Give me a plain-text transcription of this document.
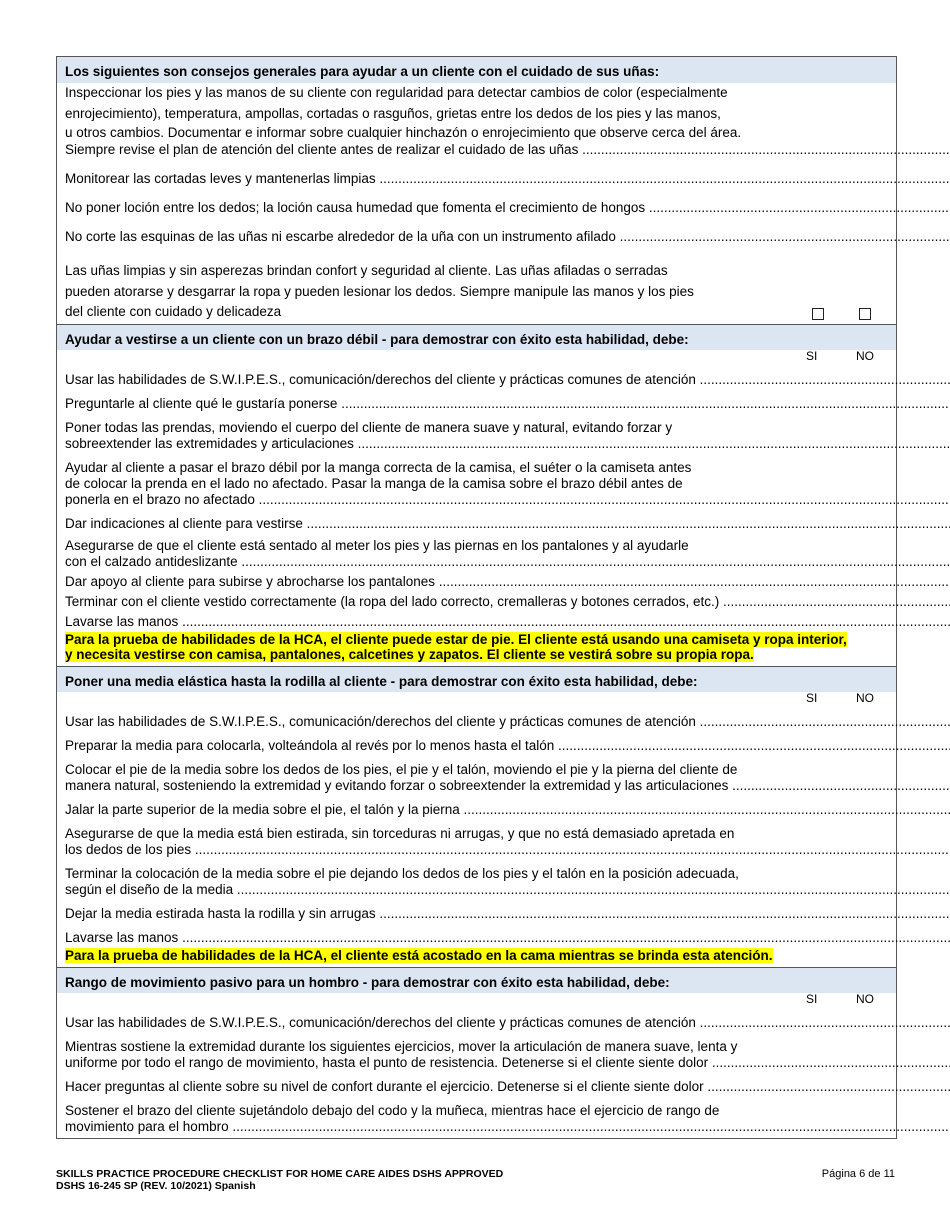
Los siguientes son consejos generales para ayudar a un cliente con el cuidado de sus uñas:
Inspeccionar los pies y las manos de su cliente con regularidad para detectar cambios de color (especialmente
enrojecimiento), temperatura, ampollas, cortadas o rasguños, grietas entre los dedos de los pies y las manos,
u otros cambios. Documentar e informar sobre cualquier hinchazón o enrojecimiento que observe cerca del área.
Siempre revise el plan de atención del cliente antes de realizar el cuidado de las uñas .....
Monitorear las cortadas leves y mantenerlas limpias .....
No poner loción entre los dedos; la loción causa humedad que fomenta el crecimiento de hongos .....
No corte las esquinas de las uñas ni escarbe alrededor de la uña con un instrumento afilado .....
Las uñas limpias y sin asperezas brindan confort y seguridad al cliente. Las uñas afiladas o serradas
pueden atorarse y desgarrar la ropa y pueden lesionar los dedos. Siempre manipule las manos y los pies
del cliente con cuidado y delicadeza
Ayudar a vestirse a un cliente con un brazo débil - para demostrar con éxito esta habilidad, debe:
SI	NO
Usar las habilidades de S.W.I.P.E.S., comunicación/derechos del cliente y prácticas comunes de atención .....
Preguntarle al cliente qué le gustaría ponerse .....
Poner todas las prendas, moviendo el cuerpo del cliente de manera suave y natural, evitando forzar y
sobreextender las extremidades y articulaciones .....
Ayudar al cliente a pasar el brazo débil por la manga correcta de la camisa, el suéter o la camiseta antes
de colocar la prenda en el lado no afectado. Pasar la manga de la camisa sobre el brazo débil antes de
ponerla en el brazo no afectado .....
Dar indicaciones al cliente para vestirse .....
Asegurarse de que el cliente está sentado al meter los pies y las piernas en los pantalones y al ayudarle
con el calzado antideslizante .....
Dar apoyo al cliente para subirse y abrocharse los pantalones .....
Terminar con el cliente vestido correctamente (la ropa del lado correcto, cremalleras y botones cerrados, etc.) .....
Lavarse las manos .....
Para la prueba de habilidades de la HCA, el cliente puede estar de pie. El cliente está usando una camiseta y ropa interior,
y necesita vestirse con camisa, pantalones, calcetines y zapatos. El cliente se vestirá sobre su propia ropa.
Poner una media elástica hasta la rodilla al cliente - para demostrar con éxito esta habilidad, debe:
SI	NO
Usar las habilidades de S.W.I.P.E.S., comunicación/derechos del cliente y prácticas comunes de atención .....
Preparar la media para colocarla, volteándola al revés por lo menos hasta el talón .....
Colocar el pie de la media sobre los dedos de los pies, el pie y el talón, moviendo el pie y la pierna del cliente de
manera natural, sosteniendo la extremidad y evitando forzar o sobreextender la extremidad y las articulaciones .....
Jalar la parte superior de la media sobre el pie, el talón y la pierna .....
Asegurarse de que la media está bien estirada, sin torceduras ni arrugas, y que no está demasiado apretada en
los dedos de los pies .....
Terminar la colocación de la media sobre el pie dejando los dedos de los pies y el talón en la posición adecuada,
según el diseño de la media .....
Dejar la media estirada hasta la rodilla y sin arrugas .....
Lavarse las manos .....
Para la prueba de habilidades de la HCA, el cliente está acostado en la cama mientras se brinda esta atención.
Rango de movimiento pasivo para un hombro - para demostrar con éxito esta habilidad, debe:
SI	NO
Usar las habilidades de S.W.I.P.E.S., comunicación/derechos del cliente y prácticas comunes de atención .....
Mientras sostiene la extremidad durante los siguientes ejercicios, mover la articulación de manera suave, lenta y
uniforme por todo el rango de movimiento, hasta el punto de resistencia. Detenerse si el cliente siente dolor .....
Hacer preguntas al cliente sobre su nivel de confort durante el ejercicio. Detenerse si el cliente siente dolor .....
Sostener el brazo del cliente sujetándolo debajo del codo y la muñeca, mientras hace el ejercicio de rango de
movimiento para el hombro .....
SKILLS PRACTICE PROCEDURE CHECKLIST FOR HOME CARE AIDES DSHS APPROVED
DSHS 16-245 SP (REV. 10/2021) Spanish
Página 6 de 11
